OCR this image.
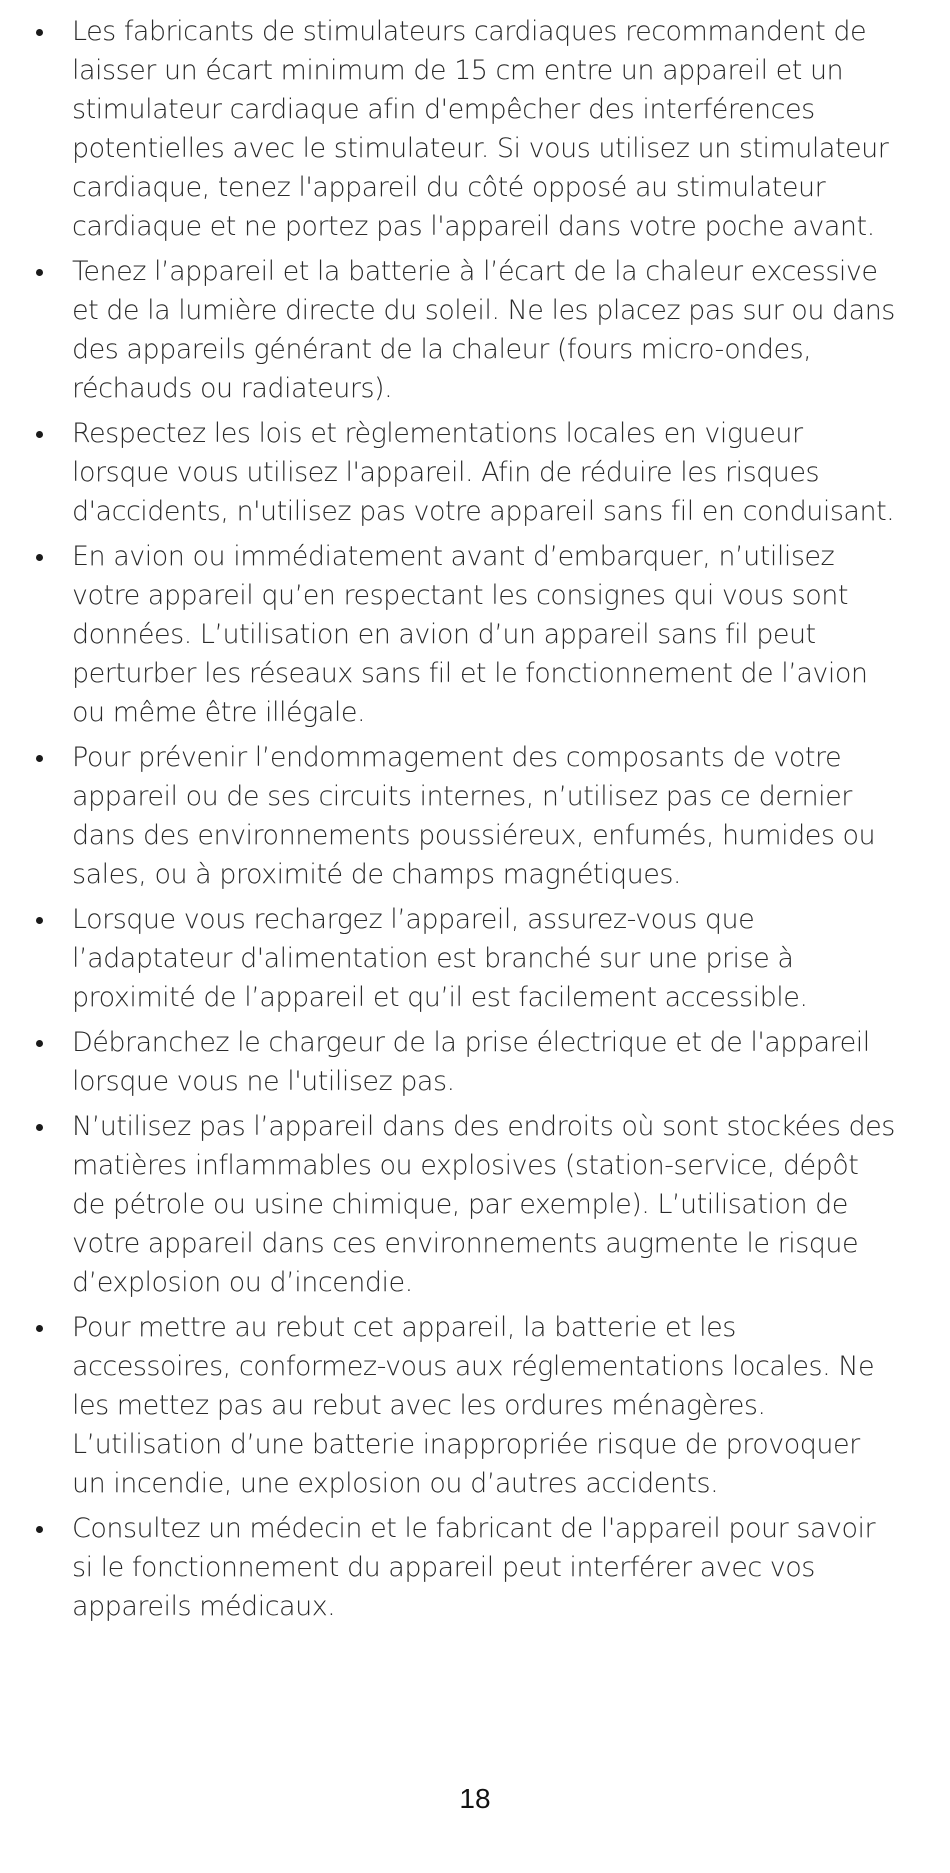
Les fabricants de stimulateurs cardiaques recommandent de laisser un écart minimum de 15 cm entre un appareil et un stimulateur cardiaque afin d'empêcher des interférences potentielles avec le stimulateur. Si vous utilisez un stimulateur cardiaque, tenez l'appareil du côté opposé au stimulateur cardiaque et ne portez pas l'appareil dans votre poche avant.
Tenez l’appareil et la batterie à l’écart de la chaleur excessive et de la lumière directe du soleil. Ne les placez pas sur ou dans des appareils générant de la chaleur (fours micro-ondes, réchauds ou radiateurs).
Respectez les lois et règlementations locales en vigueur lorsque vous utilisez l'appareil. Afin de réduire les risques d'accidents, n'utilisez pas votre appareil sans fil en conduisant.
En avion ou immédiatement avant d’embarquer, n’utilisez votre appareil qu’en respectant les consignes qui vous sont données. L’utilisation en avion d’un appareil sans fil peut perturber les réseaux sans fil et le fonctionnement de l’avion ou même être illégale.
Pour prévenir l’endommagement des composants de votre appareil ou de ses circuits internes, n’utilisez pas ce dernier dans des environnements poussiéreux, enfumés, humides ou sales, ou à proximité de champs magnétiques.
Lorsque vous rechargez l’appareil, assurez-vous que l’adaptateur d'alimentation est branché sur une prise à proximité de l’appareil et qu’il est facilement accessible.
Débranchez le chargeur de la prise électrique et de l'appareil lorsque vous ne l'utilisez pas.
N’utilisez pas l’appareil dans des endroits où sont stockées des matières inflammables ou explosives (station-service, dépôt de pétrole ou usine chimique, par exemple). L’utilisation de votre appareil dans ces environnements augmente le risque d’explosion ou d’incendie.
Pour mettre au rebut cet appareil, la batterie et les accessoires, conformez-vous aux réglementations locales. Ne les mettez pas au rebut avec les ordures ménagères. L’utilisation d’une batterie inappropriée risque de provoquer un incendie, une explosion ou d’autres accidents.
Consultez un médecin et le fabricant de l'appareil pour savoir si le fonctionnement du appareil peut interférer avec vos appareils médicaux.
18
